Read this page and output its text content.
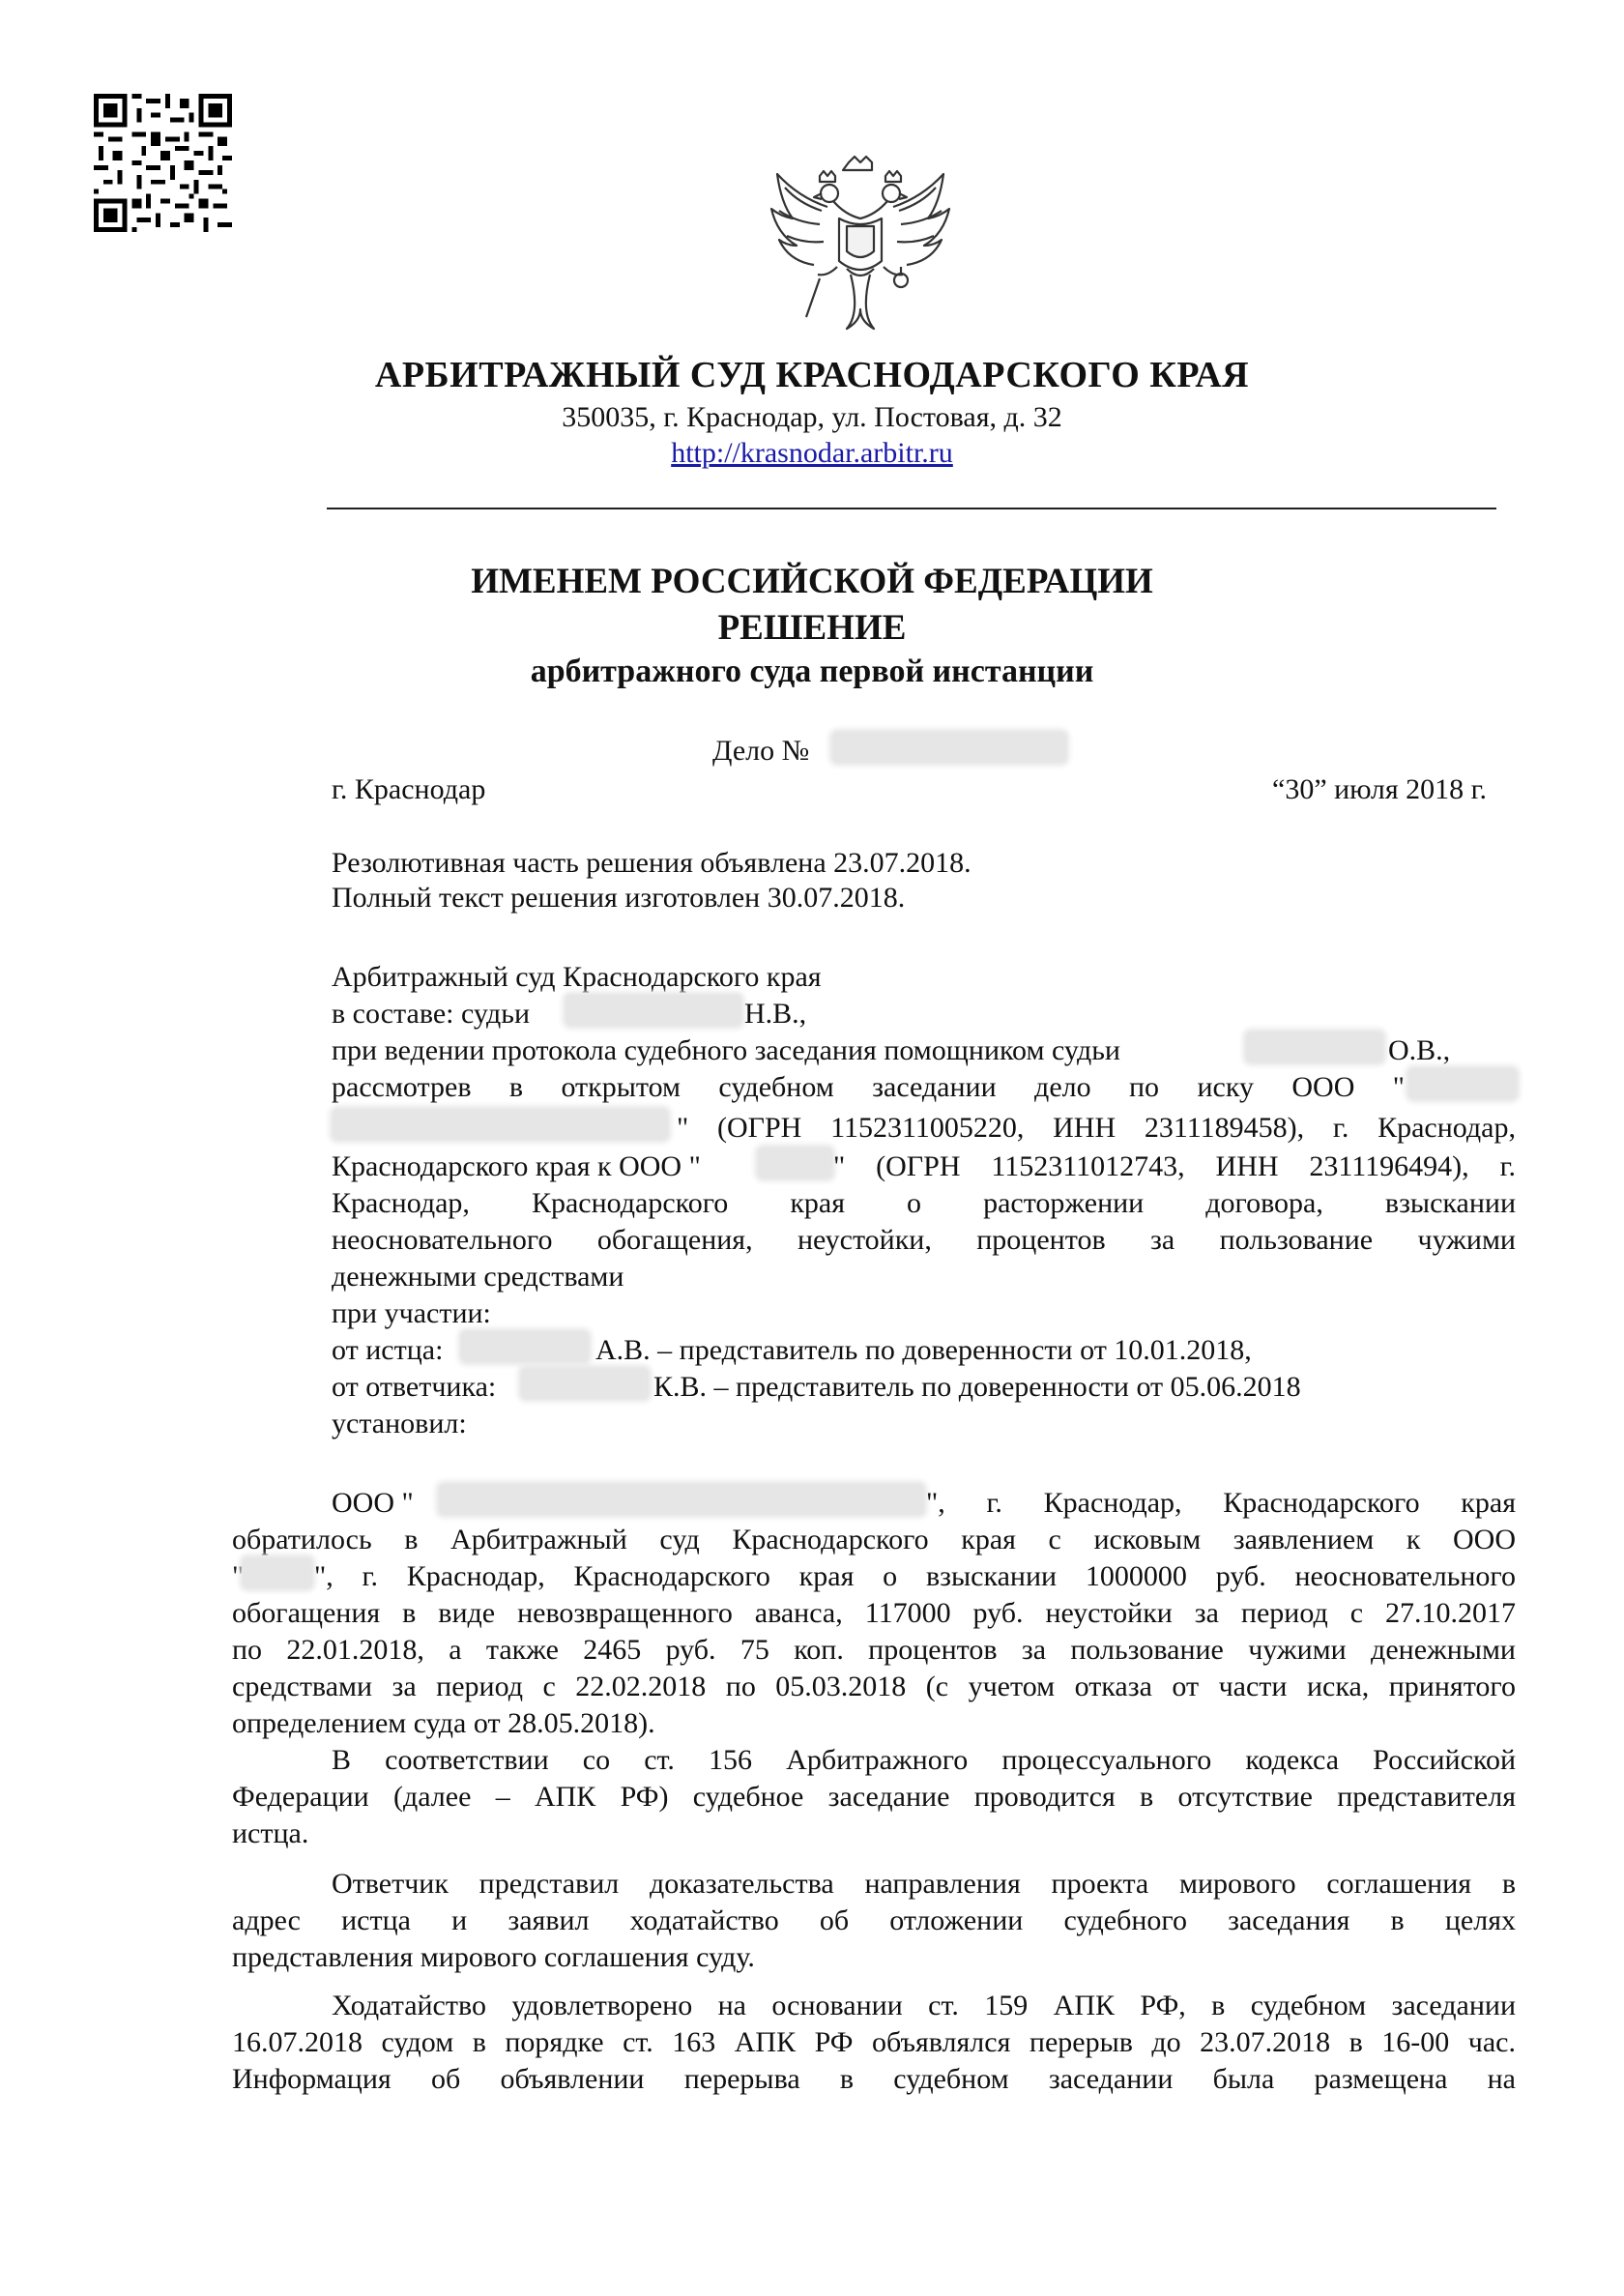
АРБИТРАЖНЫЙ СУД КРАСНОДАРСКОГО КРАЯ
350035, г. Краснодар, ул. Постовая, д. 32
http://krasnodar.arbitr.ru
ИМЕНЕМ РОССИЙСКОЙ ФЕДЕРАЦИИ
РЕШЕНИЕ
арбитражного суда первой инстанции
Дело №
г. Краснодар	“30” июля 2018 г.
Резолютивная часть решения объявлена 23.07.2018.
Полный текст решения изготовлен 30.07.2018.
Арбитражный суд Краснодарского края
в составе: судьи	Н.В.,
при ведении протокола судебного заседания помощником судьи	О.В.,
рассмотрев в открытом судебном заседании дело по иску ООО "
" (ОГРН 1152311005220, ИНН 2311189458), г. Краснодар,
Краснодарского края к ООО "	" (ОГРН 1152311012743, ИНН 2311196494), г.
Краснодар, Краснодарского края о расторжении договора, взыскании
неосновательного обогащения, неустойки, процентов за пользование чужими
денежными средствами
при участии:
от истца:	А.В. – представитель по доверенности от 10.01.2018,
от ответчика:	К.В. – представитель по доверенности от 05.06.2018
установил:
ООО "	", г. Краснодар, Краснодарского края
обратилось в Арбитражный суд Краснодарского края с исковым заявлением к ООО
" ", г. Краснодар, Краснодарского края о взыскании 1000000 руб. неосновательного
обогащения в виде невозвращенного аванса, 117000 руб. неустойки за период с 27.10.2017
по 22.01.2018, а также 2465 руб. 75 коп. процентов за пользование чужими денежными
средствами за период с 22.02.2018 по 05.03.2018 (с учетом отказа от части иска, принятого
определением суда от 28.05.2018).
В соответствии со ст. 156 Арбитражного процессуального кодекса Российской
Федерации (далее – АПК РФ) судебное заседание проводится в отсутствие представителя
истца.
Ответчик представил доказательства направления проекта мирового соглашения в
адрес истца и заявил ходатайство об отложении судебного заседания в целях
представления мирового соглашения суду.
Ходатайство удовлетворено на основании ст. 159 АПК РФ, в судебном заседании
16.07.2018 судом в порядке ст. 163 АПК РФ объявлялся перерыв до 23.07.2018 в 16-00 час.
Информация об объявлении перерыва в судебном заседании была размещена на
